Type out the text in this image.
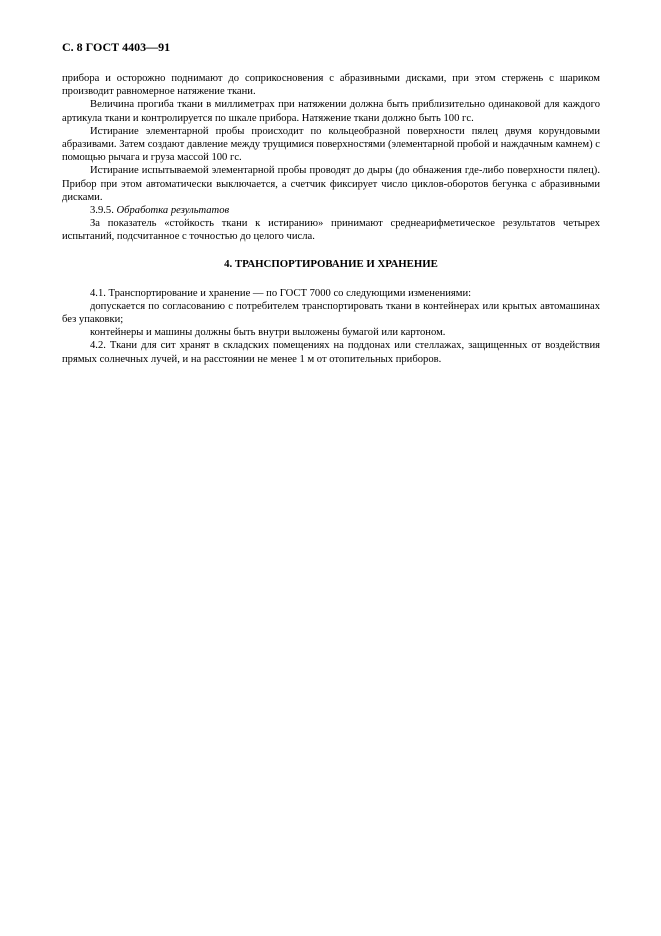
С. 8 ГОСТ 4403—91

прибора и осторожно поднимают до соприкосновения с абразивными дисками, при этом стержень с шариком производит равномерное натяжение ткани.

Величина прогиба ткани в миллиметрах при натяжении должна быть приблизительно одинаковой для каждого артикула ткани и контролируется по шкале прибора. Натяжение ткани должно быть 100 гс.

Истирание элементарной пробы происходит по кольцеобразной поверхности пялец двумя корундовыми абразивами. Затем создают давление между трущимися поверхностями (элементарной пробой и наждачным камнем) с помощью рычага и груза массой 100 гс.

Истирание испытываемой элементарной пробы проводят до дыры (до обнажения где-либо поверхности пялец). Прибор при этом автоматически выключается, а счетчик фиксирует число циклов-оборотов бегунка с абразивными дисками.

3.9.5. Обработка результатов

За показатель «стойкость ткани к истиранию» принимают среднеарифметическое результатов четырех испытаний, подсчитанное с точностью до целого числа.

4. ТРАНСПОРТИРОВАНИЕ И ХРАНЕНИЕ

4.1. Транспортирование и хранение — по ГОСТ 7000 со следующими изменениями:

допускается по согласованию с потребителем транспортировать ткани в контейнерах или крытых автомашинах без упаковки;

контейнеры и машины должны быть внутри выложены бумагой или картоном.

4.2. Ткани для сит хранят в складских помещениях на поддонах или стеллажах, защищенных от воздействия прямых солнечных лучей, и на расстоянии не менее 1 м от отопительных приборов.
